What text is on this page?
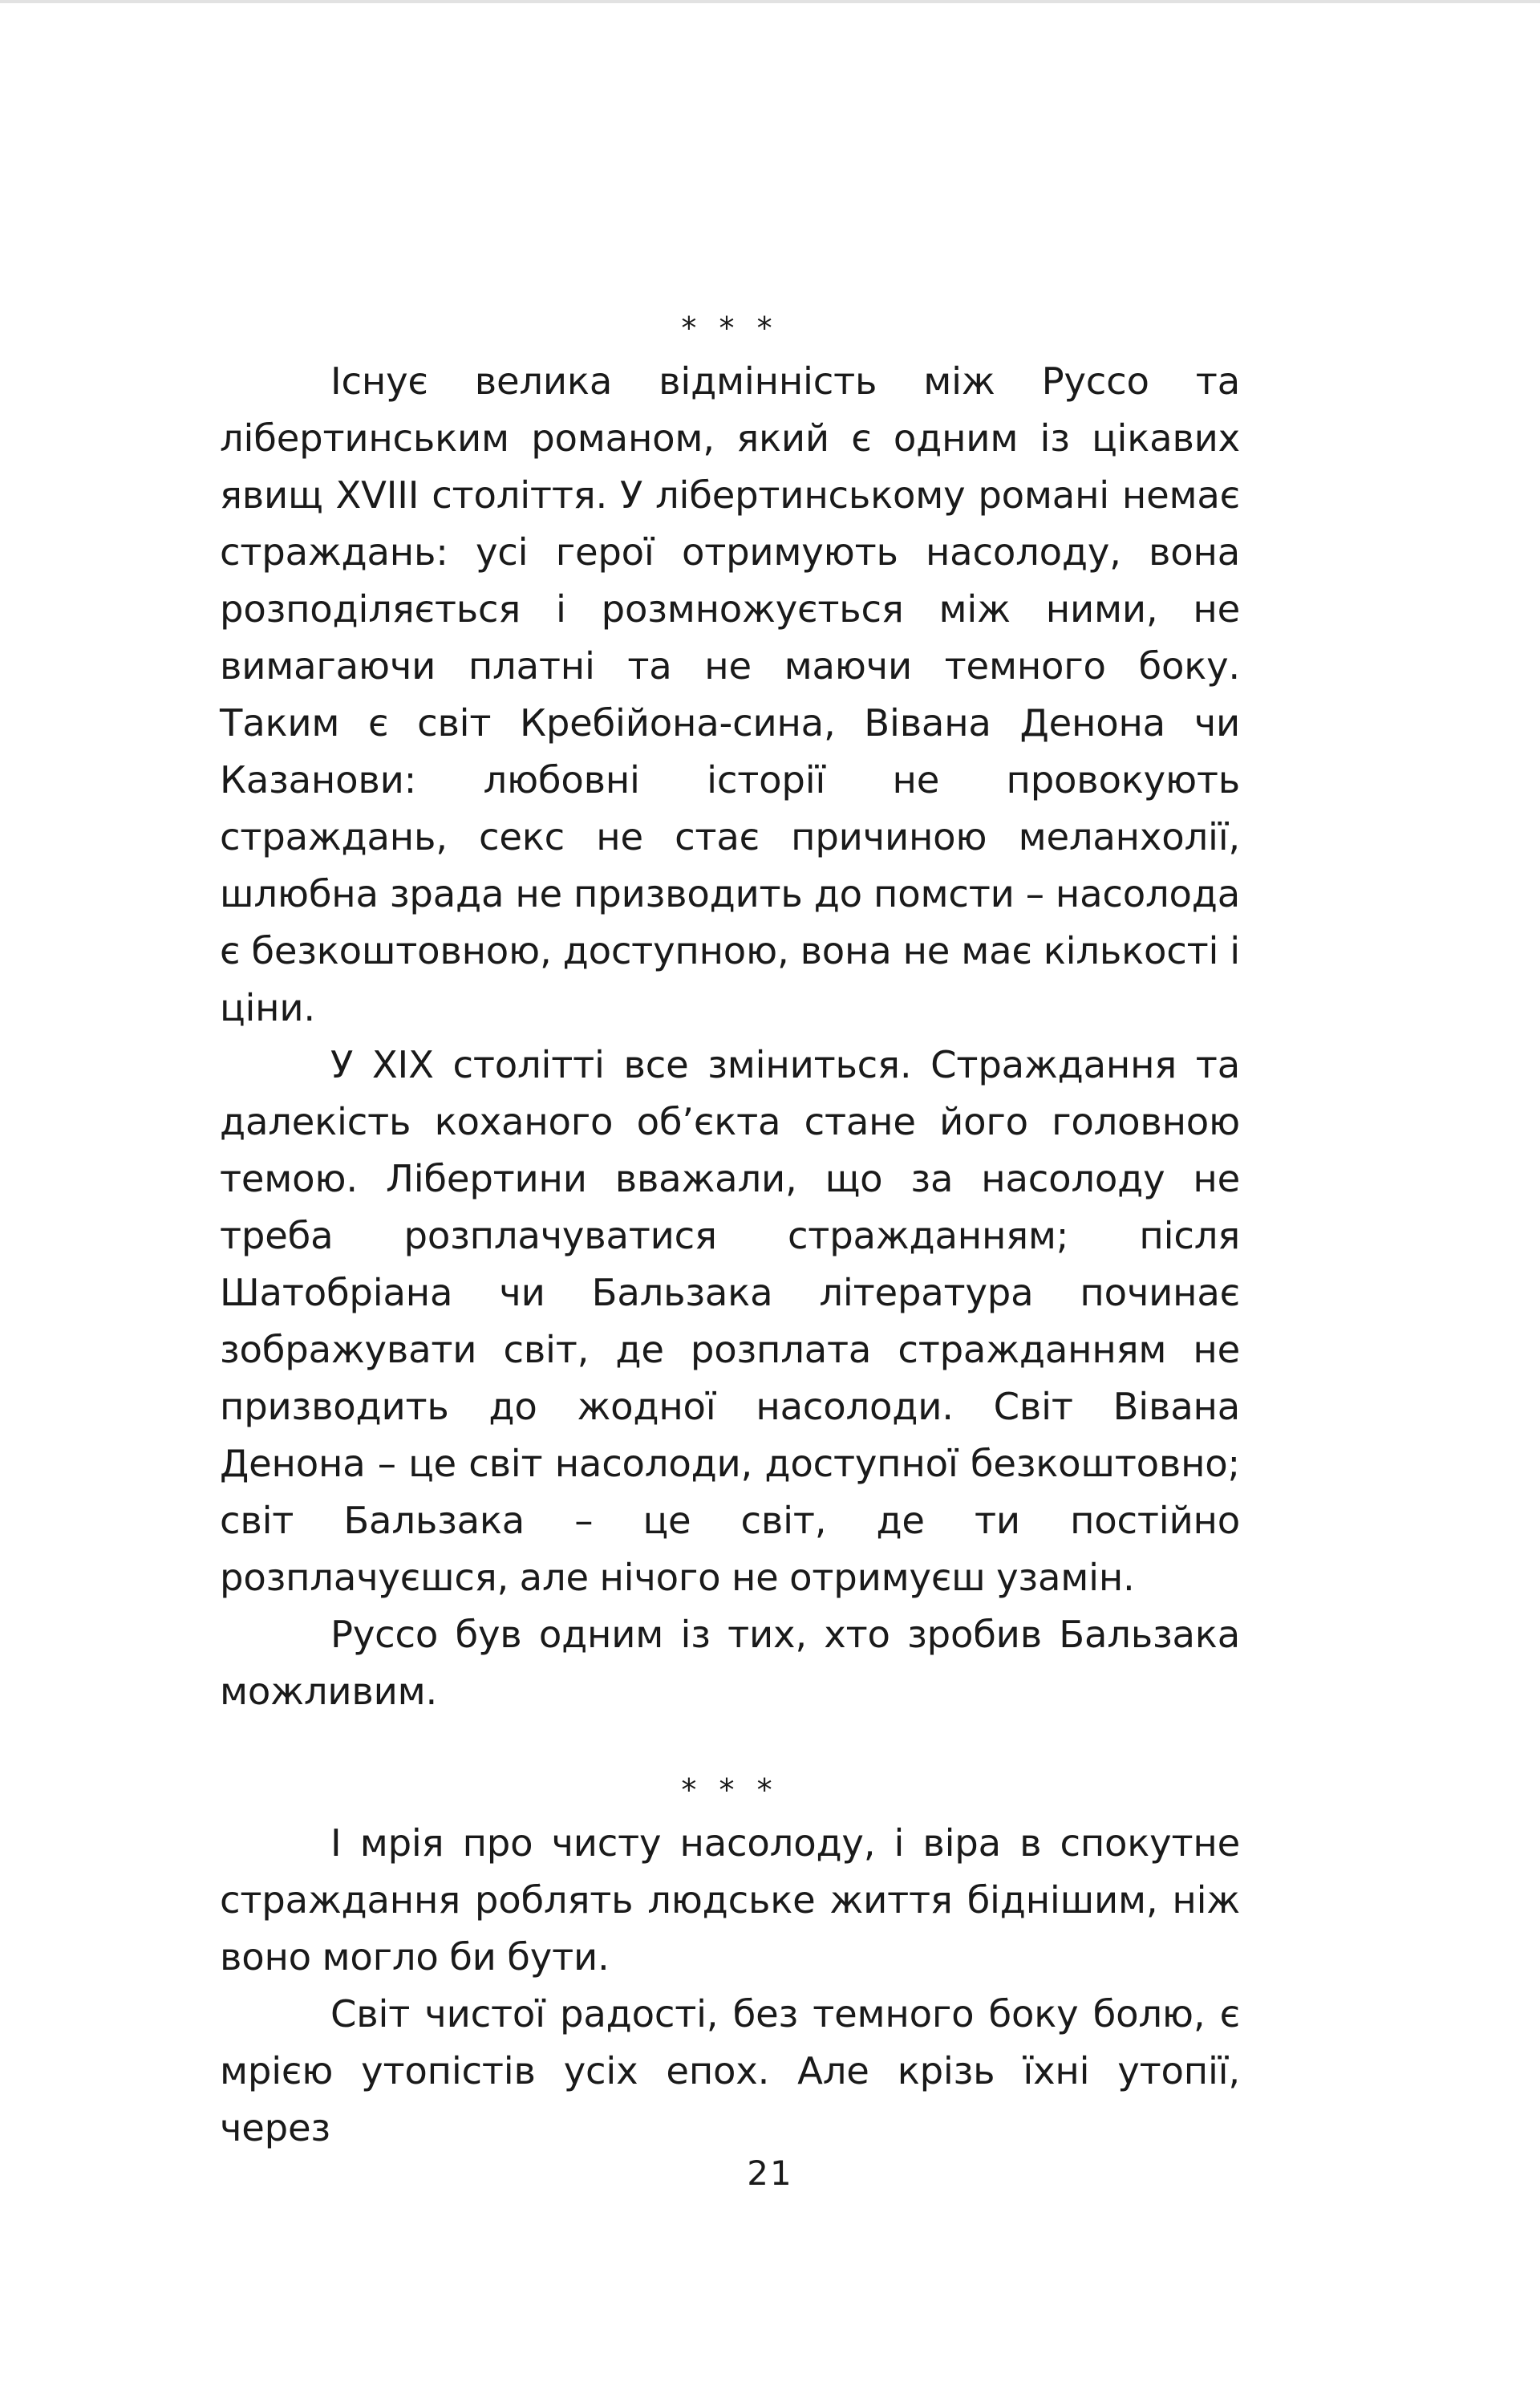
* * *

Існує велика відмінність між Руссо та лібертинським романом, який є одним із цікавих явищ XVIII століття. У лібертинському романі немає страждань: усі герої отримують насолоду, вона розподіляється і розмножується між ними, не вимагаючи платні та не маючи темного боку. Таким є світ Кребійона-сина, Вівана Денона чи Казанови: любовні історії не провокують страждань, секс не стає причиною меланхолії, шлюбна зрада не призводить до помсти – насолода є безкоштовною, доступною, вона не має кількості і ціни.

У XIX столітті все зміниться. Страждання та далекість коханого об’єкта стане його головною темою. Лібертини вважали, що за насолоду не треба розплачуватися стражданням; після Шатобріана чи Бальзака література починає зображувати світ, де розплата стражданням не призводить до жодної насолоди. Світ Вівана Денона – це світ насолоди, доступної безкоштовно; світ Бальзака – це світ, де ти постійно розплачуєшся, але нічого не отримуєш узамін.

Руссо був одним із тих, хто зробив Бальзака можливим.

* * *

І мрія про чисту насолоду, і віра в спокутне страждання роблять людське життя біднішим, ніж воно могло би бути.

Світ чистої радості, без темного боку болю, є мрією утопістів усіх епох. Але крізь їхні утопії, через

21
